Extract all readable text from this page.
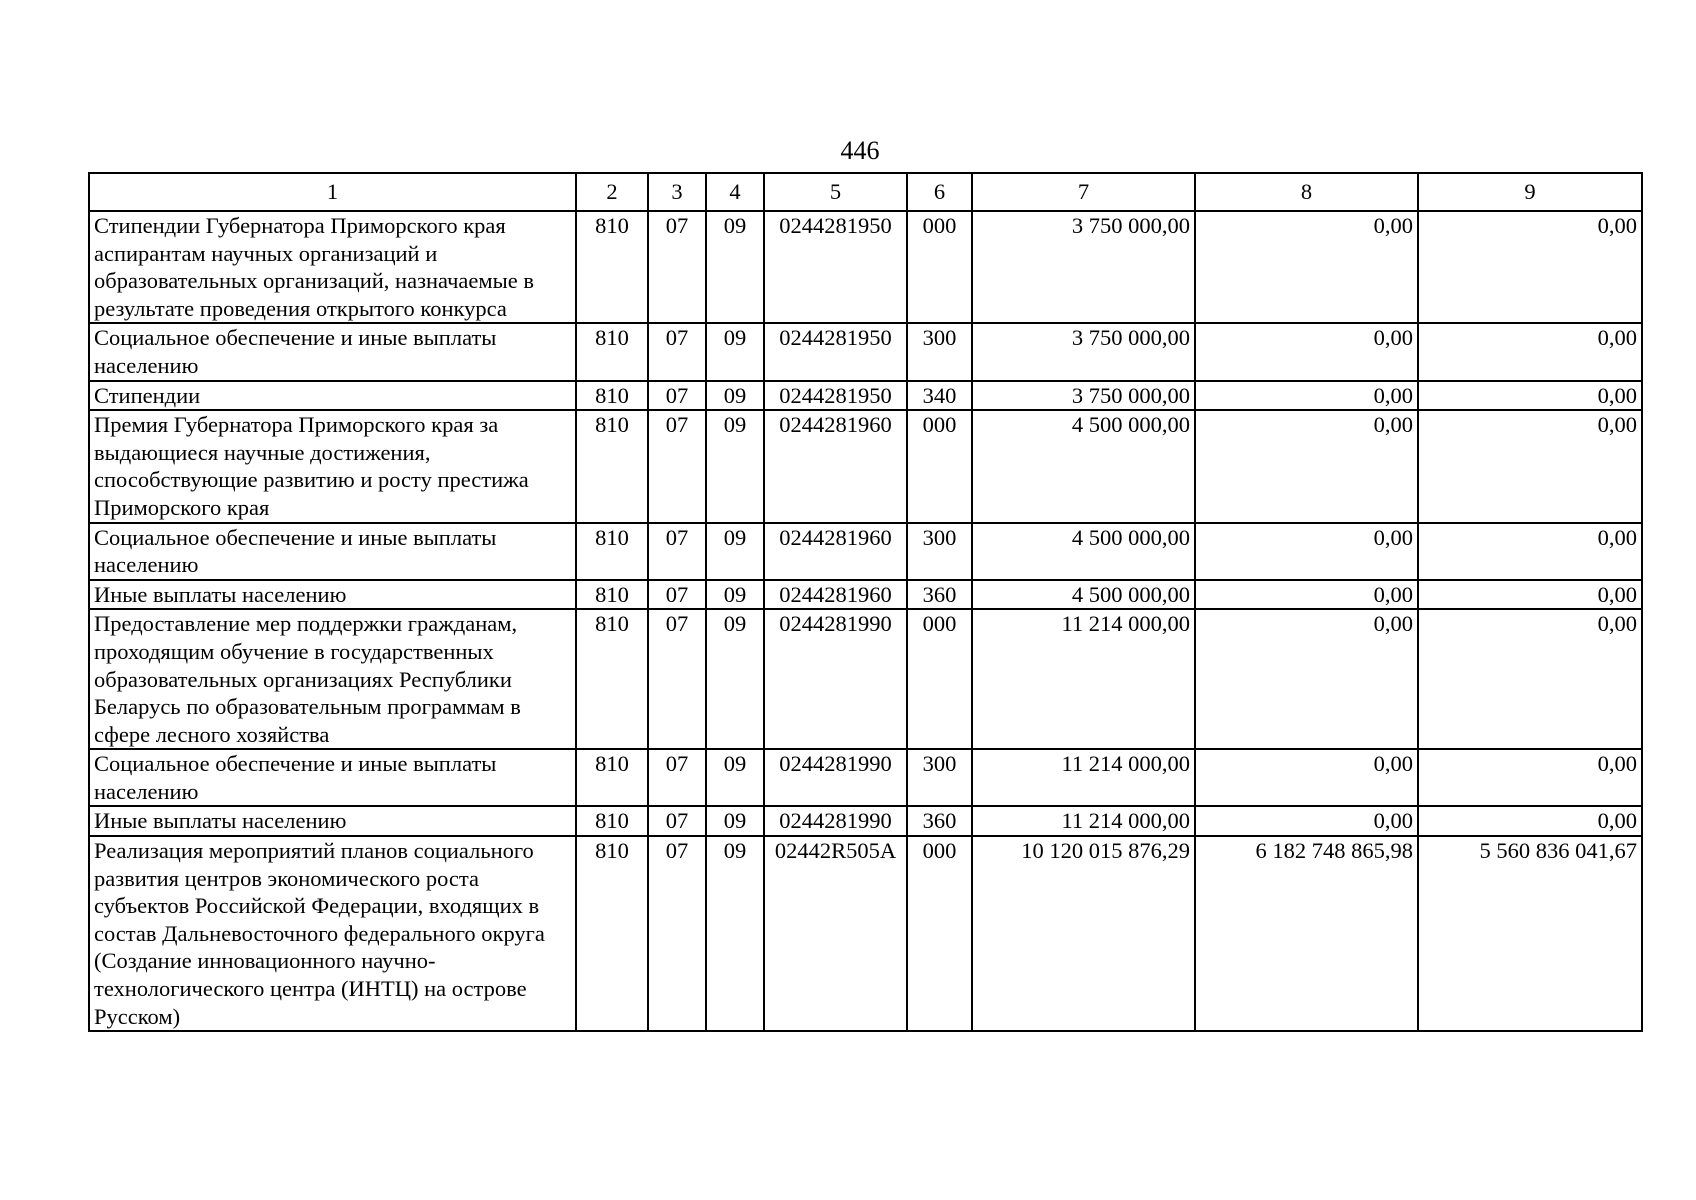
446
1	2	3	4	5	6	7	8	9
Стипендии Губернатора Приморского края аспирантам научных организаций и образовательных организаций, назначаемые в результате проведения открытого конкурса	810	07	09	0244281950	000	3 750 000,00	0,00	0,00
Социальное обеспечение и иные выплаты населению	810	07	09	0244281950	300	3 750 000,00	0,00	0,00
Стипендии	810	07	09	0244281950	340	3 750 000,00	0,00	0,00
Премия Губернатора Приморского края за выдающиеся научные достижения, способствующие развитию и росту престижа Приморского края	810	07	09	0244281960	000	4 500 000,00	0,00	0,00
Социальное обеспечение и иные выплаты населению	810	07	09	0244281960	300	4 500 000,00	0,00	0,00
Иные выплаты населению	810	07	09	0244281960	360	4 500 000,00	0,00	0,00
Предоставление мер поддержки гражданам, проходящим обучение в государственных образовательных организациях Республики Беларусь по образовательным программам в сфере лесного хозяйства	810	07	09	0244281990	000	11 214 000,00	0,00	0,00
Социальное обеспечение и иные выплаты населению	810	07	09	0244281990	300	11 214 000,00	0,00	0,00
Иные выплаты населению	810	07	09	0244281990	360	11 214 000,00	0,00	0,00
Реализация мероприятий планов социального развития центров экономического роста субъектов Российской Федерации, входящих в состав Дальневосточного федерального округа (Создание инновационного научно-технологического центра (ИНТЦ) на острове Русском)	810	07	09	02442R505A	000	10 120 015 876,29	6 182 748 865,98	5 560 836 041,67
